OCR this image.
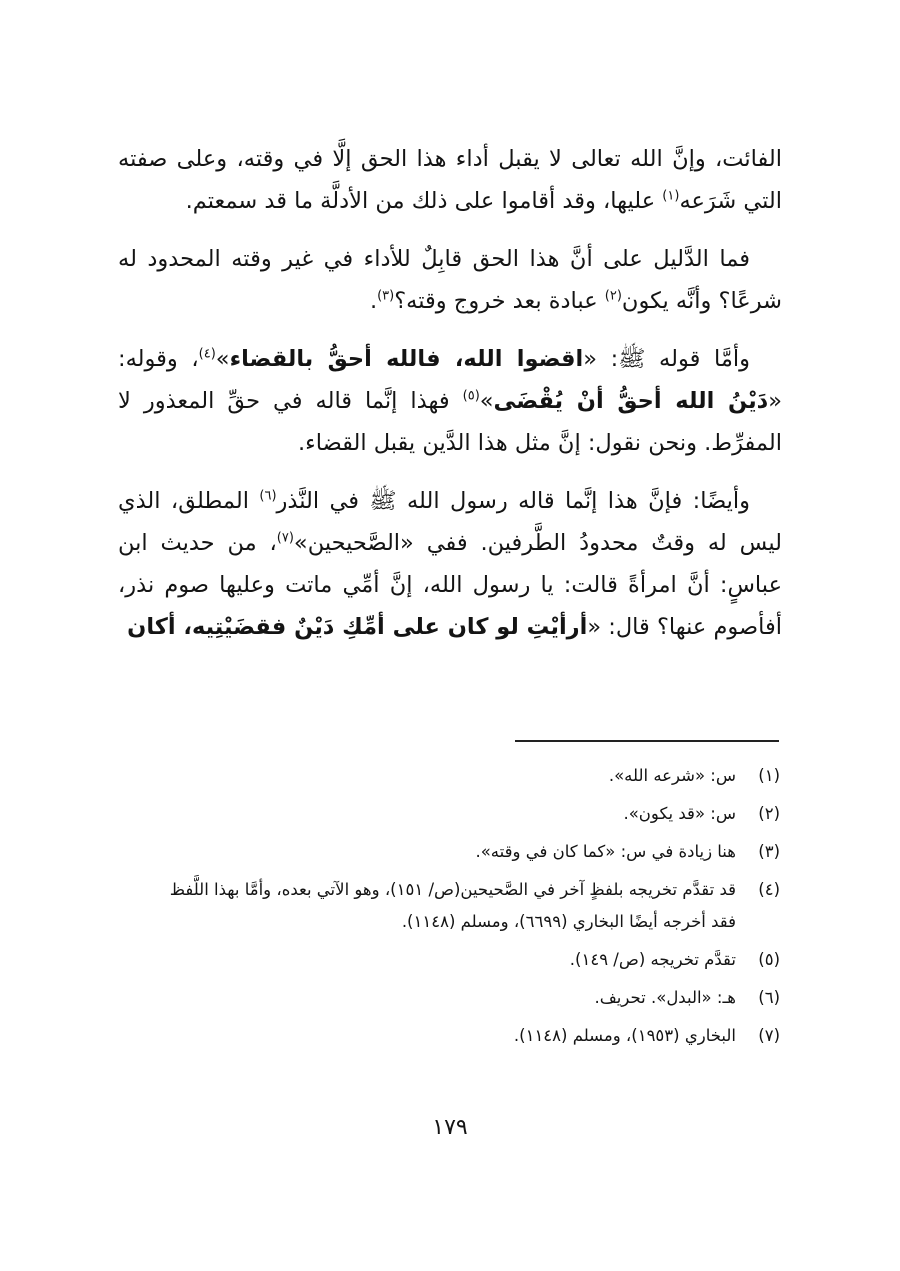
الفائت، وإنَّ الله تعالى لا يقبل أداء هذا الحق إلَّا في وقته، وعلى صفته التي شَرَعه$^{(١)}$ عليها، وقد أقاموا على ذلك من الأدلَّة ما قد سمعتم.

فما الدَّليل على أنَّ هذا الحق قابِلٌ للأداء في غير وقته المحدود له شرعًا؟ وأنَّه يكون$^{(٢)}$ عبادة بعد خروج وقته؟$^{(٣)}$.

وأمَّا قوله ﷺ: «اقضوا الله، فالله أحقُّ بالقضاء»$^{(٤)}$، وقوله: «دَيْنُ الله أحقُّ أنْ يُقْضَى»$^{(٥)}$ فهذا إنَّما قاله في حقِّ المعذور لا المفرِّط. ونحن نقول: إنَّ مثل هذا الدَّين يقبل القضاء.

وأيضًا: فإنَّ هذا إنَّما قاله رسول الله ﷺ في النَّذر$^{(٦)}$ المطلق، الذي ليس له وقتٌ محدودُ الطَّرفين. ففي «الصَّحيحين»$^{(٧)}$، من حديث ابن عباسٍ: أنَّ امرأةً قالت: يا رسول الله، إنَّ أمِّي ماتت وعليها صوم نذر، أفأصوم عنها؟ قال: «أرأيْتِ لو كان على أمِّكِ دَيْنٌ فقضَيْتِيه، أكان

(١)
س: «شرعه الله».
(٢)
س: «قد يكون».
(٣)
هنا زيادة في س: «كما كان في وقته».
(٤)
قد تقدَّم تخريجه بلفظٍ آخر في الصَّحيحين(ص/ ١٥١)، وهو الآتي بعده، وأمَّا بهذا اللَّفظ فقد أخرجه أيضًا البخاري (٦٦٩٩)، ومسلم (١١٤٨).
(٥)
تقدَّم تخريجه (ص/ ١٤٩).
(٦)
هـ: «البدل». تحريف.
(٧)
البخاري (١٩٥٣)، ومسلم (١١٤٨).
١٧٩
